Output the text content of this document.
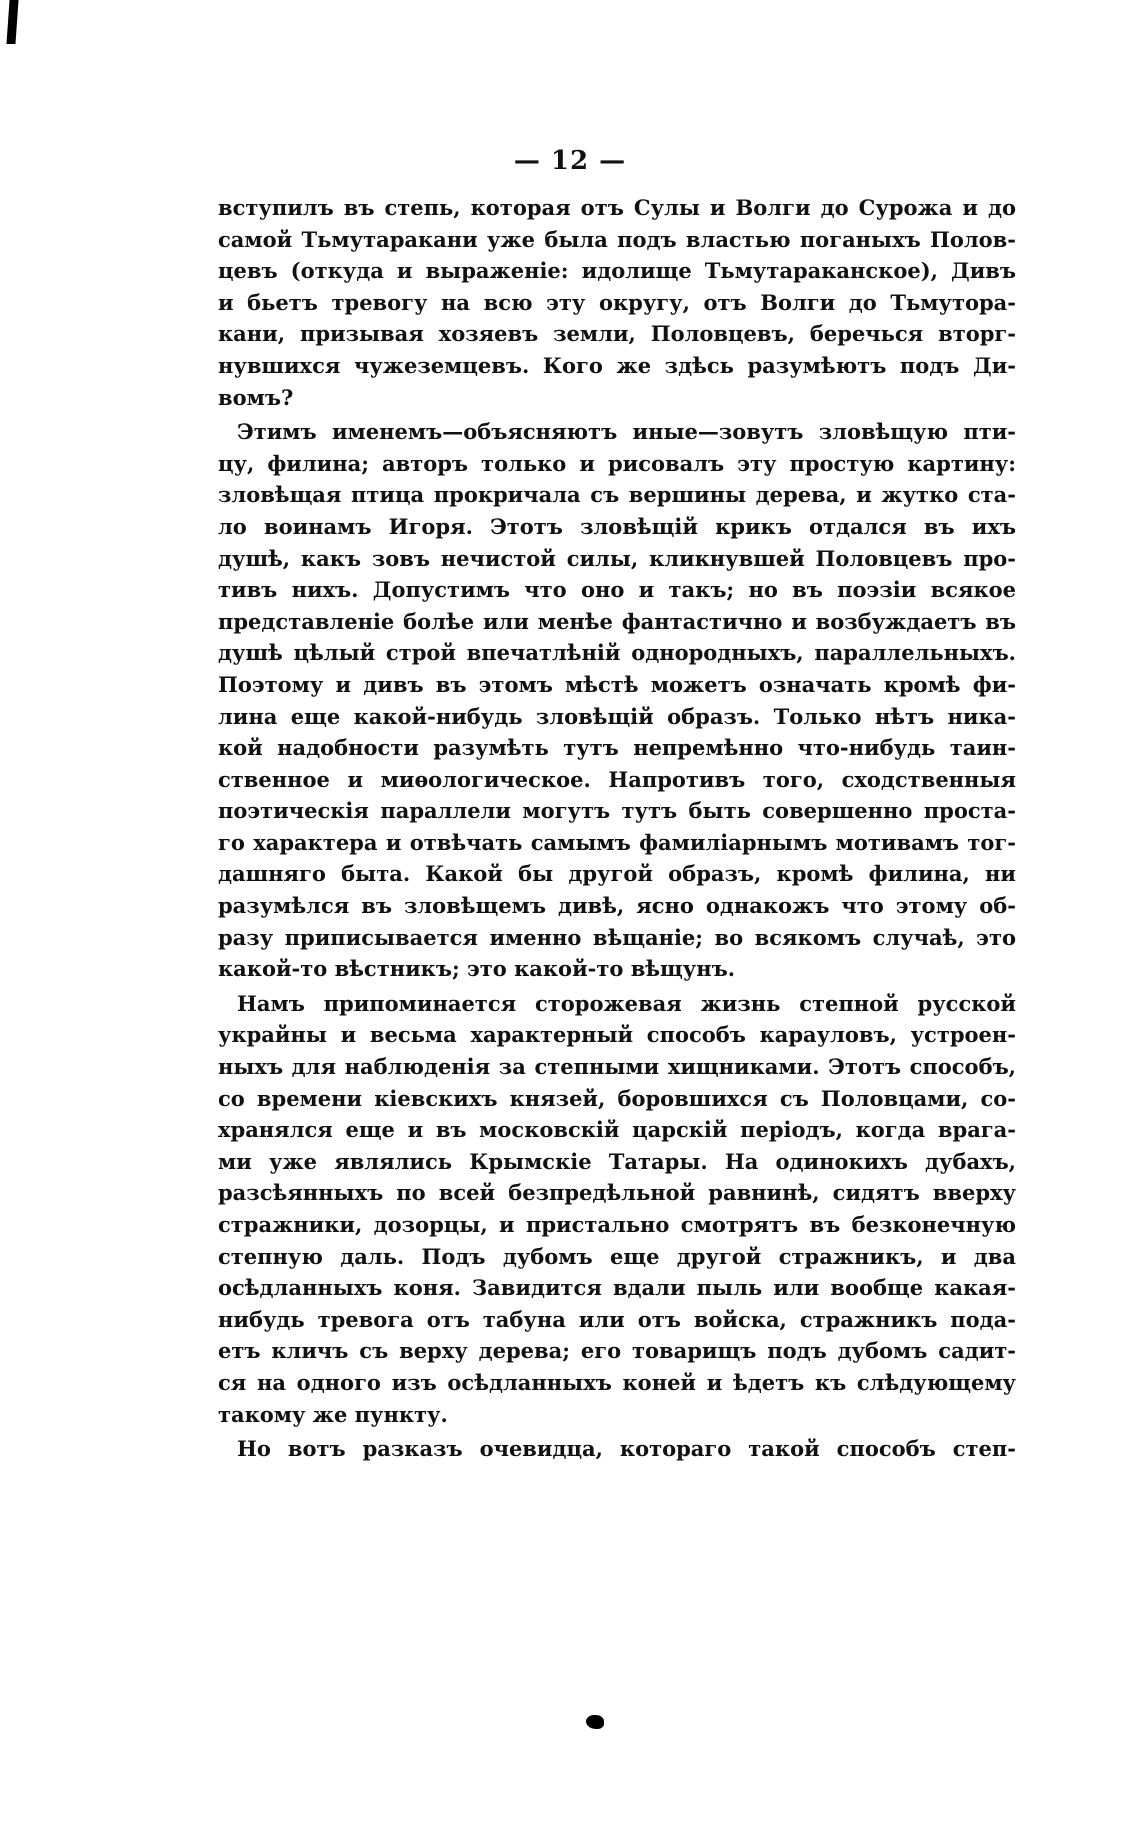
— 12 —
вступилъ въ степь, которая отъ Сулы и Волги до Сурожа и до
самой Тьмутаракани уже была подъ властью поганыхъ Полов-
цевъ (откуда и выраженіе: идолище Тьмутараканское), Дивъ
и бьетъ тревогу на всю эту округу, отъ Волги до Тьмутора-
кани, призывая хозяевъ земли, Половцевъ, беречься вторг-
нувшихся чужеземцевъ. Кого же здѣсь разумѣютъ подъ Ди-
вомъ?
Этимъ именемъ—объясняютъ иные—зовутъ зловѣщую пти-
цу, филина; авторъ только и рисовалъ эту простую картину:
зловѣщая птица прокричала съ вершины дерева, и жутко ста-
ло воинамъ Игоря. Этотъ зловѣщій крикъ отдался въ ихъ
душѣ, какъ зовъ нечистой силы, кликнувшей Половцевъ про-
тивъ нихъ. Допустимъ что оно и такъ; но въ поэзіи всякое
представленіе болѣе или менѣе фантастично и возбуждаетъ въ
душѣ цѣлый строй впечатлѣній однородныхъ, параллельныхъ.
Поэтому и дивъ въ этомъ мѣстѣ можетъ означать кромѣ фи-
лина еще какой-нибудь зловѣщій образъ. Только нѣтъ ника-
кой надобности разумѣть тутъ непремѣнно что-нибудь таин-
ственное и миѳологическое. Напротивъ того, сходственныя
поэтическія параллели могутъ тутъ быть совершенно проста-
го характера и отвѣчать самымъ фамиліарнымъ мотивамъ тог-
дашняго быта. Какой бы другой образъ, кромѣ филина, ни
разумѣлся въ зловѣщемъ дивѣ, ясно однакожъ что этому об-
разу приписывается именно вѣщаніе; во всякомъ случаѣ, это
какой-то вѣстникъ; это какой-то вѣщунъ.
Намъ припоминается сторожевая жизнь степной русской
украйны и весьма характерный способъ карауловъ, устроен-
ныхъ для наблюденія за степными хищниками. Этотъ способъ,
со времени кіевскихъ князей, боровшихся съ Половцами, со-
хранялся еще и въ московскій царскій періодъ, когда врага-
ми уже являлись Крымскіе Татары. На одинокихъ дубахъ,
разсѣянныхъ по всей безпредѣльной равнинѣ, сидятъ вверху
стражники, дозорцы, и пристально смотрятъ въ безконечную
степную даль. Подъ дубомъ еще другой стражникъ, и два
осѣдланныхъ коня. Завидится вдали пыль или вообще какая-
нибудь тревога отъ табуна или отъ войска, стражникъ пода-
етъ кличъ съ верху дерева; его товарищъ подъ дубомъ садит-
ся на одного изъ осѣдланныхъ коней и ѣдетъ къ слѣдующему
такому же пункту.
Но вотъ разказъ очевидца, котораго такой способъ степ-
